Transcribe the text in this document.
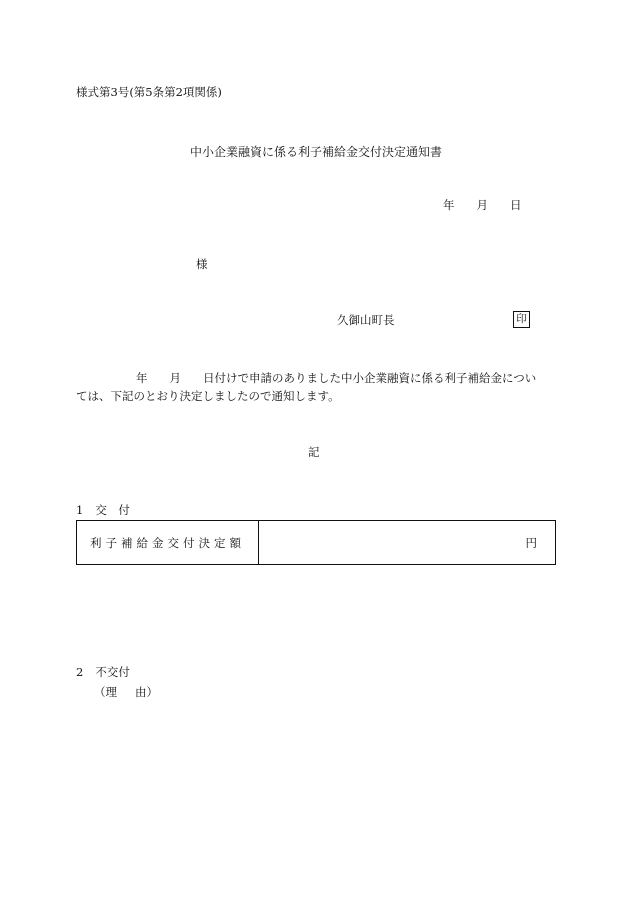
様式第3号(第5条第2項関係)
中小企業融資に係る利子補給金交付決定通知書
年 月 日
様
久御山町長	印
年 月 日付けで申請のありました中小企業融資に係る利子補給金につい
ては、下記のとおり決定しましたので通知します。
記
1 交　付
利子補給金交付決定額	円
2 不交付
（理 由）
